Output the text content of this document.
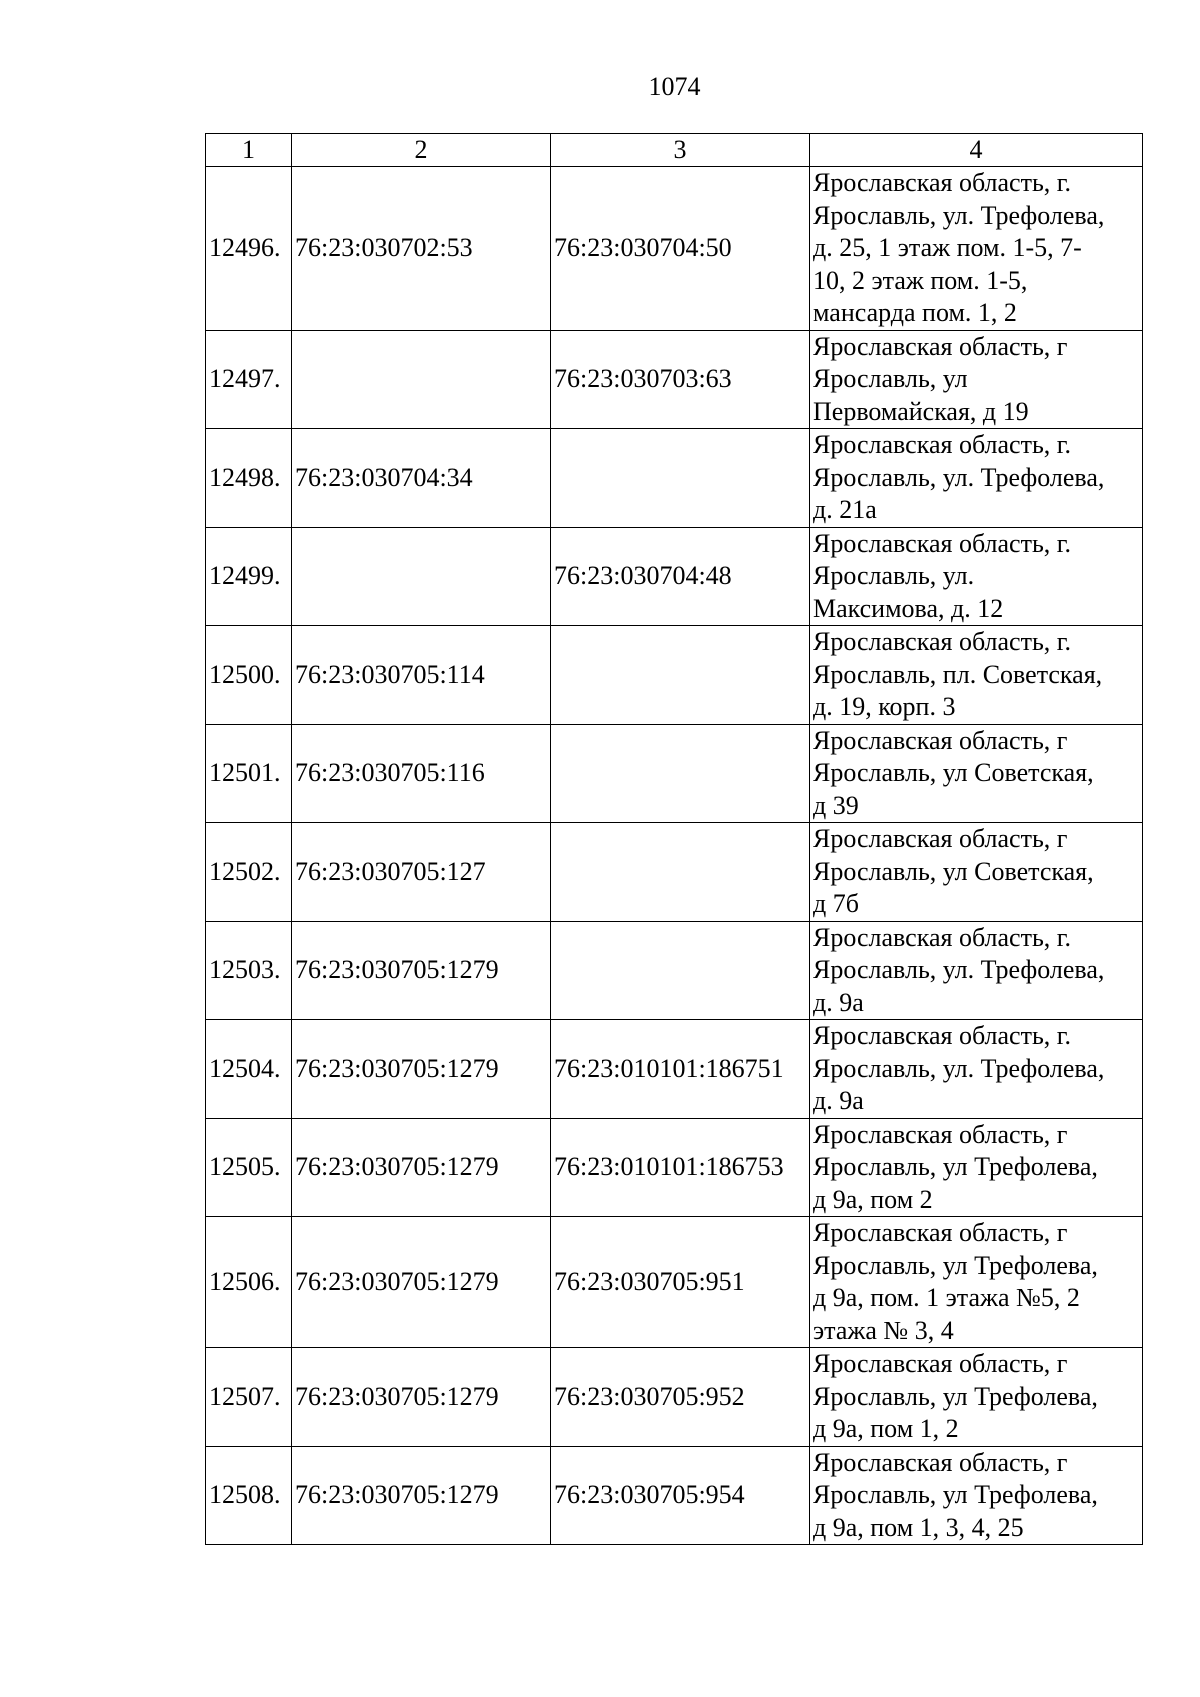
1074
1	2	3	4
12496.	76:23:030702:53	76:23:030704:50	Ярославская область, г.
Ярославль, ул. Трефолева,
д. 25, 1 этаж пом. 1-5, 7-
10, 2 этаж пом. 1-5,
мансарда пом. 1, 2

12497.		76:23:030703:63	Ярославская область, г
Ярославль, ул
Первомайская, д 19

12498.	76:23:030704:34		Ярославская область, г.
Ярославль, ул. Трефолева,
д. 21а

12499.		76:23:030704:48	Ярославская область, г.
Ярославль, ул.
Максимова, д. 12

12500.	76:23:030705:114		Ярославская область, г.
Ярославль, пл. Советская,
д. 19, корп. 3

12501.	76:23:030705:116		Ярославская область, г
Ярославль, ул Советская,
д 39

12502.	76:23:030705:127		Ярославская область, г
Ярославль, ул Советская,
д 7б

12503.	76:23:030705:1279		Ярославская область, г.
Ярославль, ул. Трефолева,
д. 9а

12504.	76:23:030705:1279	76:23:010101:186751	Ярославская область, г.
Ярославль, ул. Трефолева,
д. 9а

12505.	76:23:030705:1279	76:23:010101:186753	Ярославская область, г
Ярославль, ул Трефолева,
д 9а, пом 2

12506.	76:23:030705:1279	76:23:030705:951	Ярославская область, г
Ярославль, ул Трефолева,
д 9а, пом. 1 этажа №5, 2
этажа № 3, 4

12507.	76:23:030705:1279	76:23:030705:952	Ярославская область, г
Ярославль, ул Трефолева,
д 9а, пом 1, 2

12508.	76:23:030705:1279	76:23:030705:954	Ярославская область, г
Ярославль, ул Трефолева,
д 9а, пом 1, 3, 4, 25
